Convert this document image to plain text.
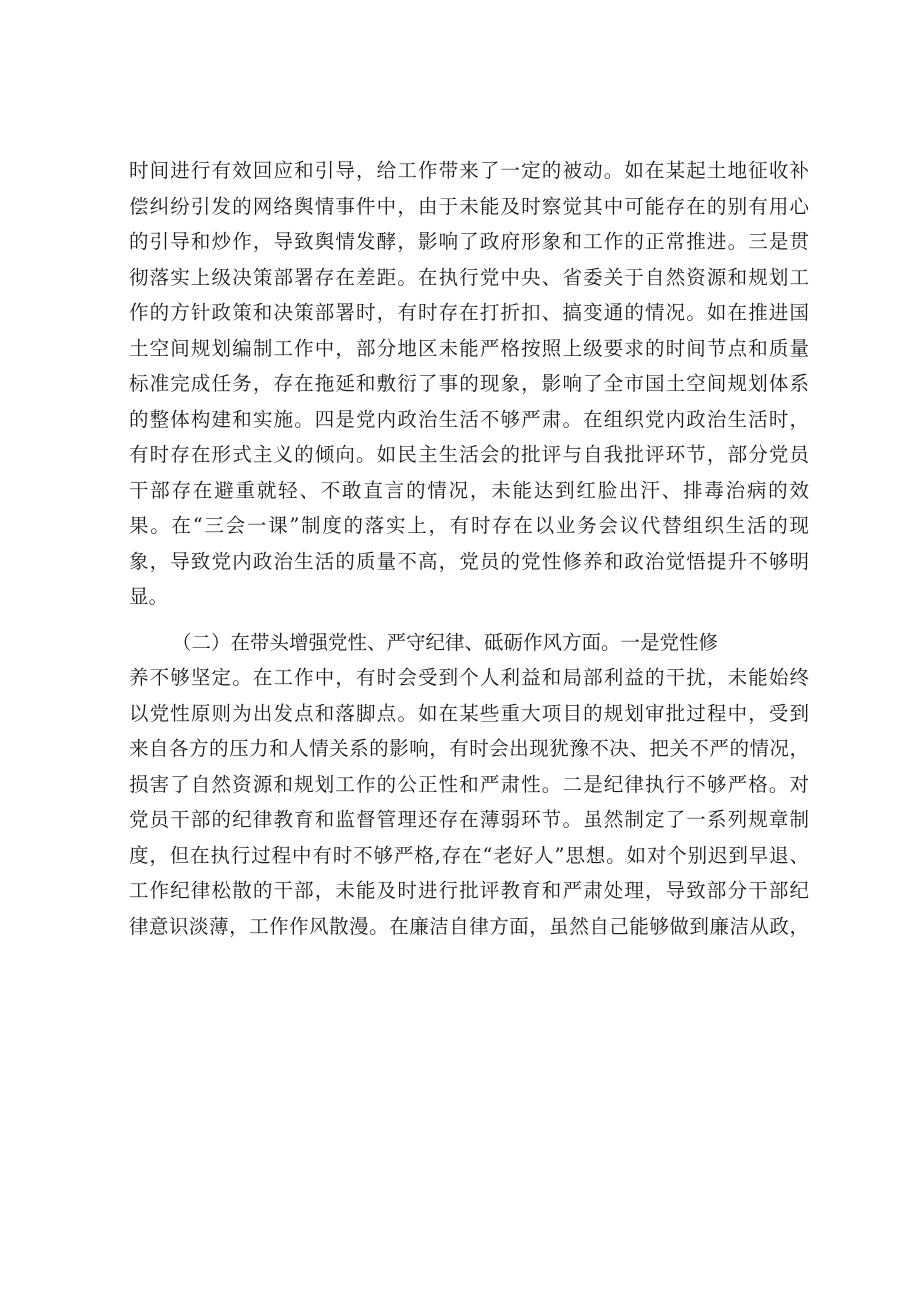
时间进行有效回应和引导，给工作带来了一定的被动。如在某起土地征收补
偿纠纷引发的网络舆情事件中，由于未能及时察觉其中可能存在的别有用心
的引导和炒作，导致舆情发酵，影响了政府形象和工作的正常推进。三是贯
彻落实上级决策部署存在差距。在执行党中央、省委关于自然资源和规划工
作的方针政策和决策部署时，有时存在打折扣、搞变通的情况。如在推进国
土空间规划编制工作中，部分地区未能严格按照上级要求的时间节点和质量
标准完成任务，存在拖延和敷衍了事的现象，影响了全市国土空间规划体系
的整体构建和实施。四是党内政治生活不够严肃。在组织党内政治生活时，
有时存在形式主义的倾向。如民主生活会的批评与自我批评环节，部分党员
干部存在避重就轻、不敢直言的情况，未能达到红脸出汗、排毒治病的效
果。在“三会一课”制度的落实上，有时存在以业务会议代替组织生活的现
象，导致党内政治生活的质量不高，党员的党性修养和政治觉悟提升不够明
显。
（二）在带头增强党性、严守纪律、砥砺作风方面。一是党性修
养不够坚定。在工作中，有时会受到个人利益和局部利益的干扰，未能始终
以党性原则为出发点和落脚点。如在某些重大项目的规划审批过程中，受到
来自各方的压力和人情关系的影响，有时会出现犹豫不决、把关不严的情况，
损害了自然资源和规划工作的公正性和严肃性。二是纪律执行不够严格。对
党员干部的纪律教育和监督管理还存在薄弱环节。虽然制定了一系列规章制
度，但在执行过程中有时不够严格,存在“老好人”思想。如对个别迟到早退、
工作纪律松散的干部，未能及时进行批评教育和严肃处理，导致部分干部纪
律意识淡薄，工作作风散漫。在廉洁自律方面，虽然自己能够做到廉洁从政，
